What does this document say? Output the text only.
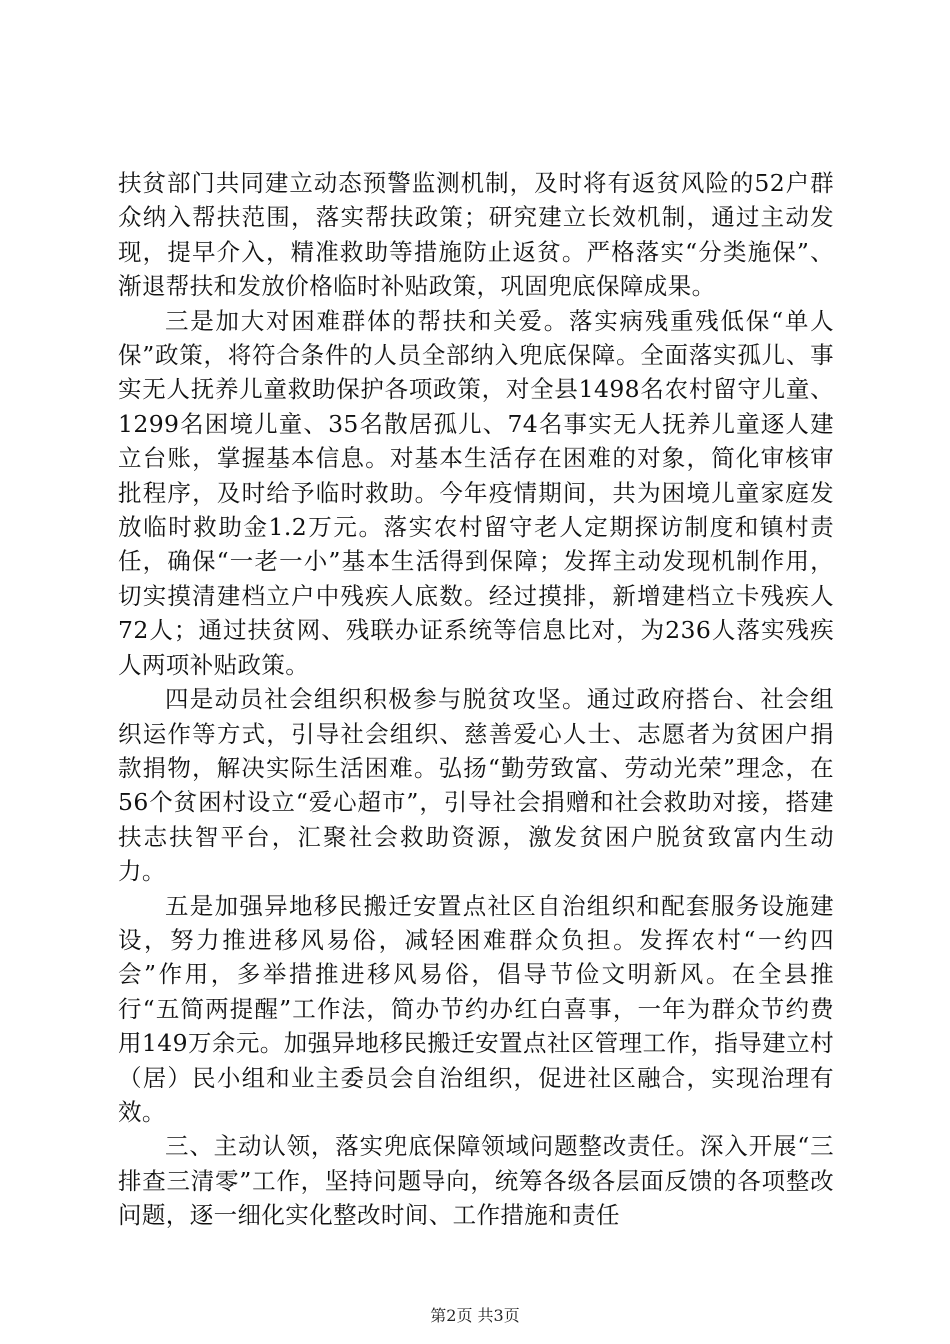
扶贫部门共同建立动态预警监测机制，及时将有返贫风险的52户群众纳入帮扶范围，落实帮扶政策；研究建立长效机制，通过主动发现，提早介入，精准救助等措施防止返贫。严格落实“分类施保”、渐退帮扶和发放价格临时补贴政策，巩固兜底保障成果。

三是加大对困难群体的帮扶和关爱。落实病残重残低保“单人保”政策，将符合条件的人员全部纳入兜底保障。全面落实孤儿、事实无人抚养儿童救助保护各项政策，对全县1498名农村留守儿童、1299名困境儿童、35名散居孤儿、74名事实无人抚养儿童逐人建立台账，掌握基本信息。对基本生活存在困难的对象，简化审核审批程序，及时给予临时救助。今年疫情期间，共为困境儿童家庭发放临时救助金1.2万元。落实农村留守老人定期探访制度和镇村责任，确保“一老一小”基本生活得到保障；发挥主动发现机制作用，切实摸清建档立户中残疾人底数。经过摸排，新增建档立卡残疾人72人；通过扶贫网、残联办证系统等信息比对，为236人落实残疾人两项补贴政策。

四是动员社会组织积极参与脱贫攻坚。通过政府搭台、社会组织运作等方式，引导社会组织、慈善爱心人士、志愿者为贫困户捐款捐物，解决实际生活困难。弘扬“勤劳致富、劳动光荣”理念，在56个贫困村设立“爱心超市”，引导社会捐赠和社会救助对接，搭建扶志扶智平台，汇聚社会救助资源，激发贫困户脱贫致富内生动力。

五是加强异地移民搬迁安置点社区自治组织和配套服务设施建设，努力推进移风易俗，减轻困难群众负担。发挥农村“一约四会”作用，多举措推进移风易俗，倡导节俭文明新风。在全县推行“五简两提醒”工作法，简办节约办红白喜事，一年为群众节约费用149万余元。加强异地移民搬迁安置点社区管理工作，指导建立村（居）民小组和业主委员会自治组织，促进社区融合，实现治理有效。

三、主动认领，落实兜底保障领域问题整改责任。深入开展“三排查三清零”工作，坚持问题导向，统筹各级各层面反馈的各项整改问题，逐一细化实化整改时间、工作措施和责任

第2页 共3页
